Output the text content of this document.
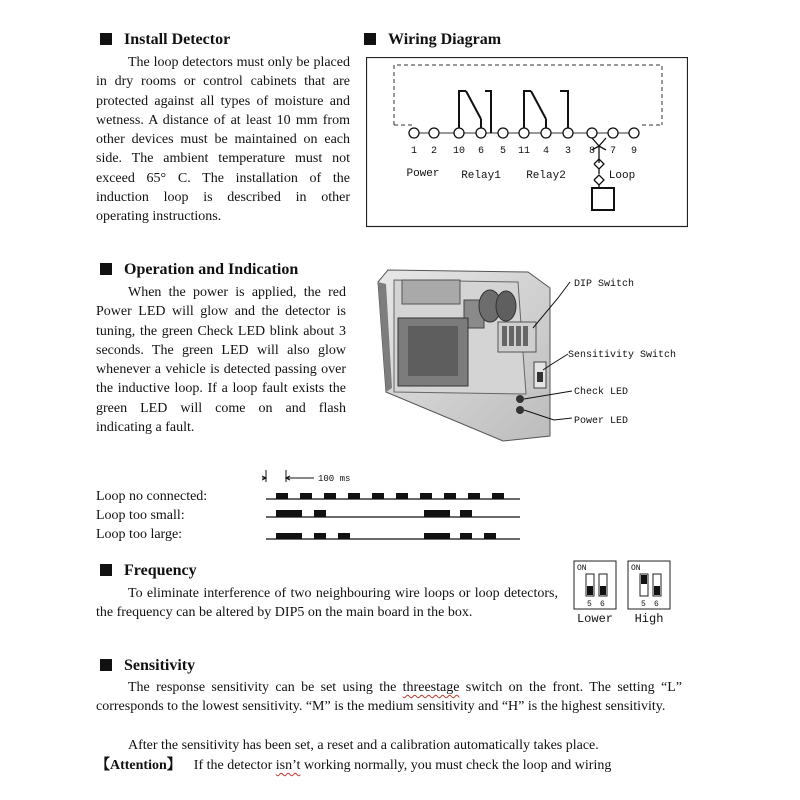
Install Detector
The loop detectors must only be placed in dry rooms or control cabinets that are protected against all types of moisture and wetness. A distance of at least 10 mm from other devices must be maintained on each side. The ambient temperature must not exceed 65° C. The installation of the induction loop is described in other operating instructions.
Wiring Diagram
1 2 10 6 5 11 4 3 8 7 9
Power Relay1 Relay2	Loop
Operation and Indication
When the power is applied, the red Power LED will glow and the detector is tuning, the green Check LED blink about 3 seconds. The green LED will also glow whenever a vehicle is detected passing over the inductive loop. If a loop fault exists the green LED will come on and flash indicating a fault.
DIP Switch
Sensitivity Switch
Check LED
Power LED
100 ms
Loop no connected:
Loop too small:
Loop too large:
Frequency
To eliminate interference of two neighbouring wire loops or loop detectors, the frequency can be altered by DIP5 on the main board in the box.
ON	ON
5 6	5 6
Lower High
Sensitivity
The response sensitivity can be set using the threestage switch on the front. The setting “L” corresponds to the lowest sensitivity. “M” is the medium sensitivity and “H” is the highest sensitivity.
After the sensitivity has been set, a reset and a calibration automatically takes place.
【Attention】 If the detector isn’t working normally, you must check the loop and wiring
